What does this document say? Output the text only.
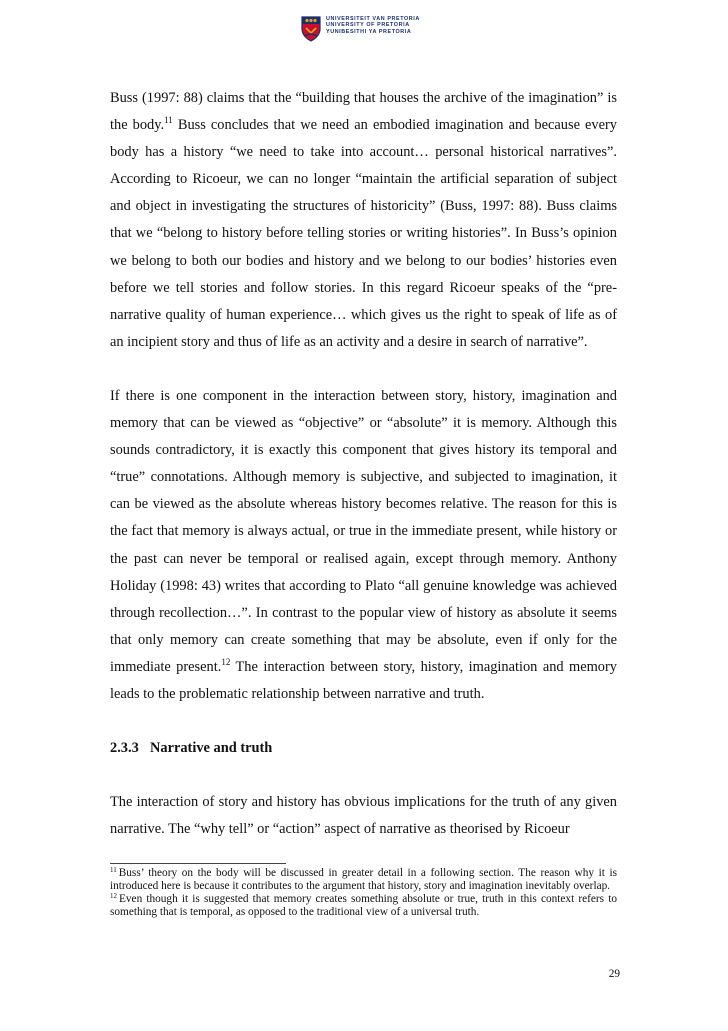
UNIVERSITEIT VAN PRETORIA
UNIVERSITY OF PRETORIA
YUNIBESITHI YA PRETORIA

Buss (1997: 88) claims that the “building that houses the archive of the imagination” is the body.$^{11}$ Buss concludes that we need an embodied imagination and because every body has a history “we need to take into account… personal historical narratives”. According to Ricoeur, we can no longer “maintain the artificial separation of subject and object in investigating the structures of historicity” (Buss, 1997: 88). Buss claims that we “belong to history before telling stories or writing histories”. In Buss’s opinion we belong to both our bodies and history and we belong to our bodies’ histories even before we tell stories and follow stories. In this regard Ricoeur speaks of the “pre-narrative quality of human experience… which gives us the right to speak of life as of an incipient story and thus of life as an activity and a desire in search of narrative”.

If there is one component in the interaction between story, history, imagination and memory that can be viewed as “objective” or “absolute” it is memory. Although this sounds contradictory, it is exactly this component that gives history its temporal and “true” connotations. Although memory is subjective, and subjected to imagination, it can be viewed as the absolute whereas history becomes relative. The reason for this is the fact that memory is always actual, or true in the immediate present, while history or the past can never be temporal or realised again, except through memory. Anthony Holiday (1998: 43) writes that according to Plato “all genuine knowledge was achieved through recollection…”. In contrast to the popular view of history as absolute it seems that only memory can create something that may be absolute, even if only for the immediate present.$^{12}$ The interaction between story, history, imagination and memory leads to the problematic relationship between narrative and truth.

2.3.3 Narrative and truth

The interaction of story and history has obvious implications for the truth of any given narrative. The “why tell” or “action” aspect of narrative as theorised by Ricoeur

$^{11}$ Buss’ theory on the body will be discussed in greater detail in a following section. The reason why it is introduced here is because it contributes to the argument that history, story and imagination inevitably overlap.

$^{12}$ Even though it is suggested that memory creates something absolute or true, truth in this context refers to something that is temporal, as opposed to the traditional view of a universal truth.

29
